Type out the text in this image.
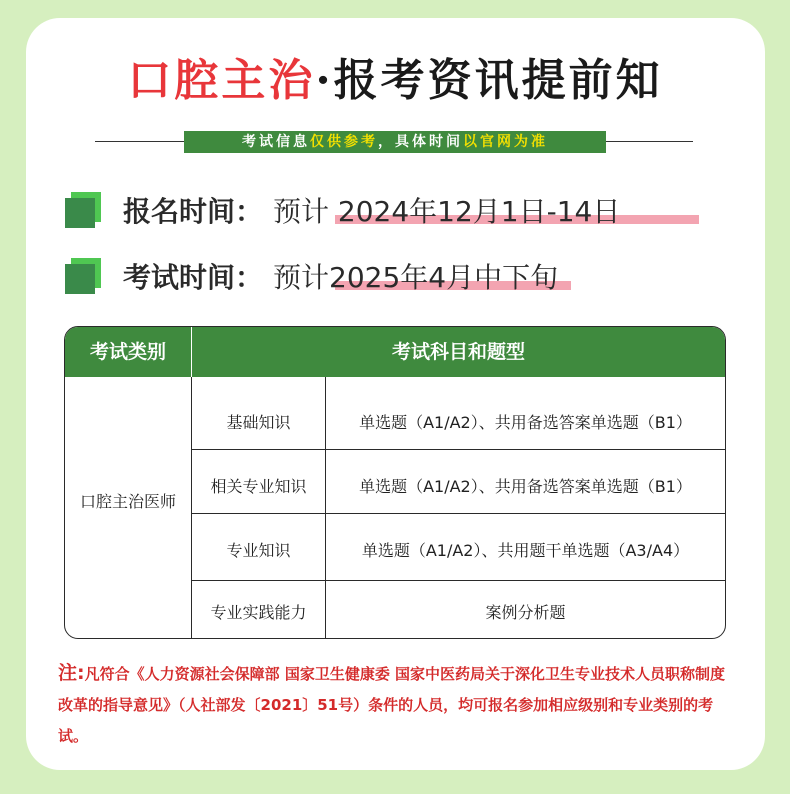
口腔主治·报考资讯提前知
考试信息仅供参考，具体时间以官网为准
报名时间： 预计 2024年12月1日-14日
考试时间： 预计2025年4月中下旬
考试类别	考试科目和题型
口腔主治医师
基础知识	单选题（A1/A2）、共用备选答案单选题（B1）
相关专业知识	单选题（A1/A2）、共用备选答案单选题（B1）
专业知识	单选题（A1/A2）、共用题干单选题（A3/A4）
专业实践能力	案例分析题
注:凡符合《人力资源社会保障部 国家卫生健康委 国家中医药局关于深化卫生专业技术人员职称制度改革的指导意见》（人社部发〔2021〕51号）条件的人员，均可报名参加相应级别和专业类别的考试。
